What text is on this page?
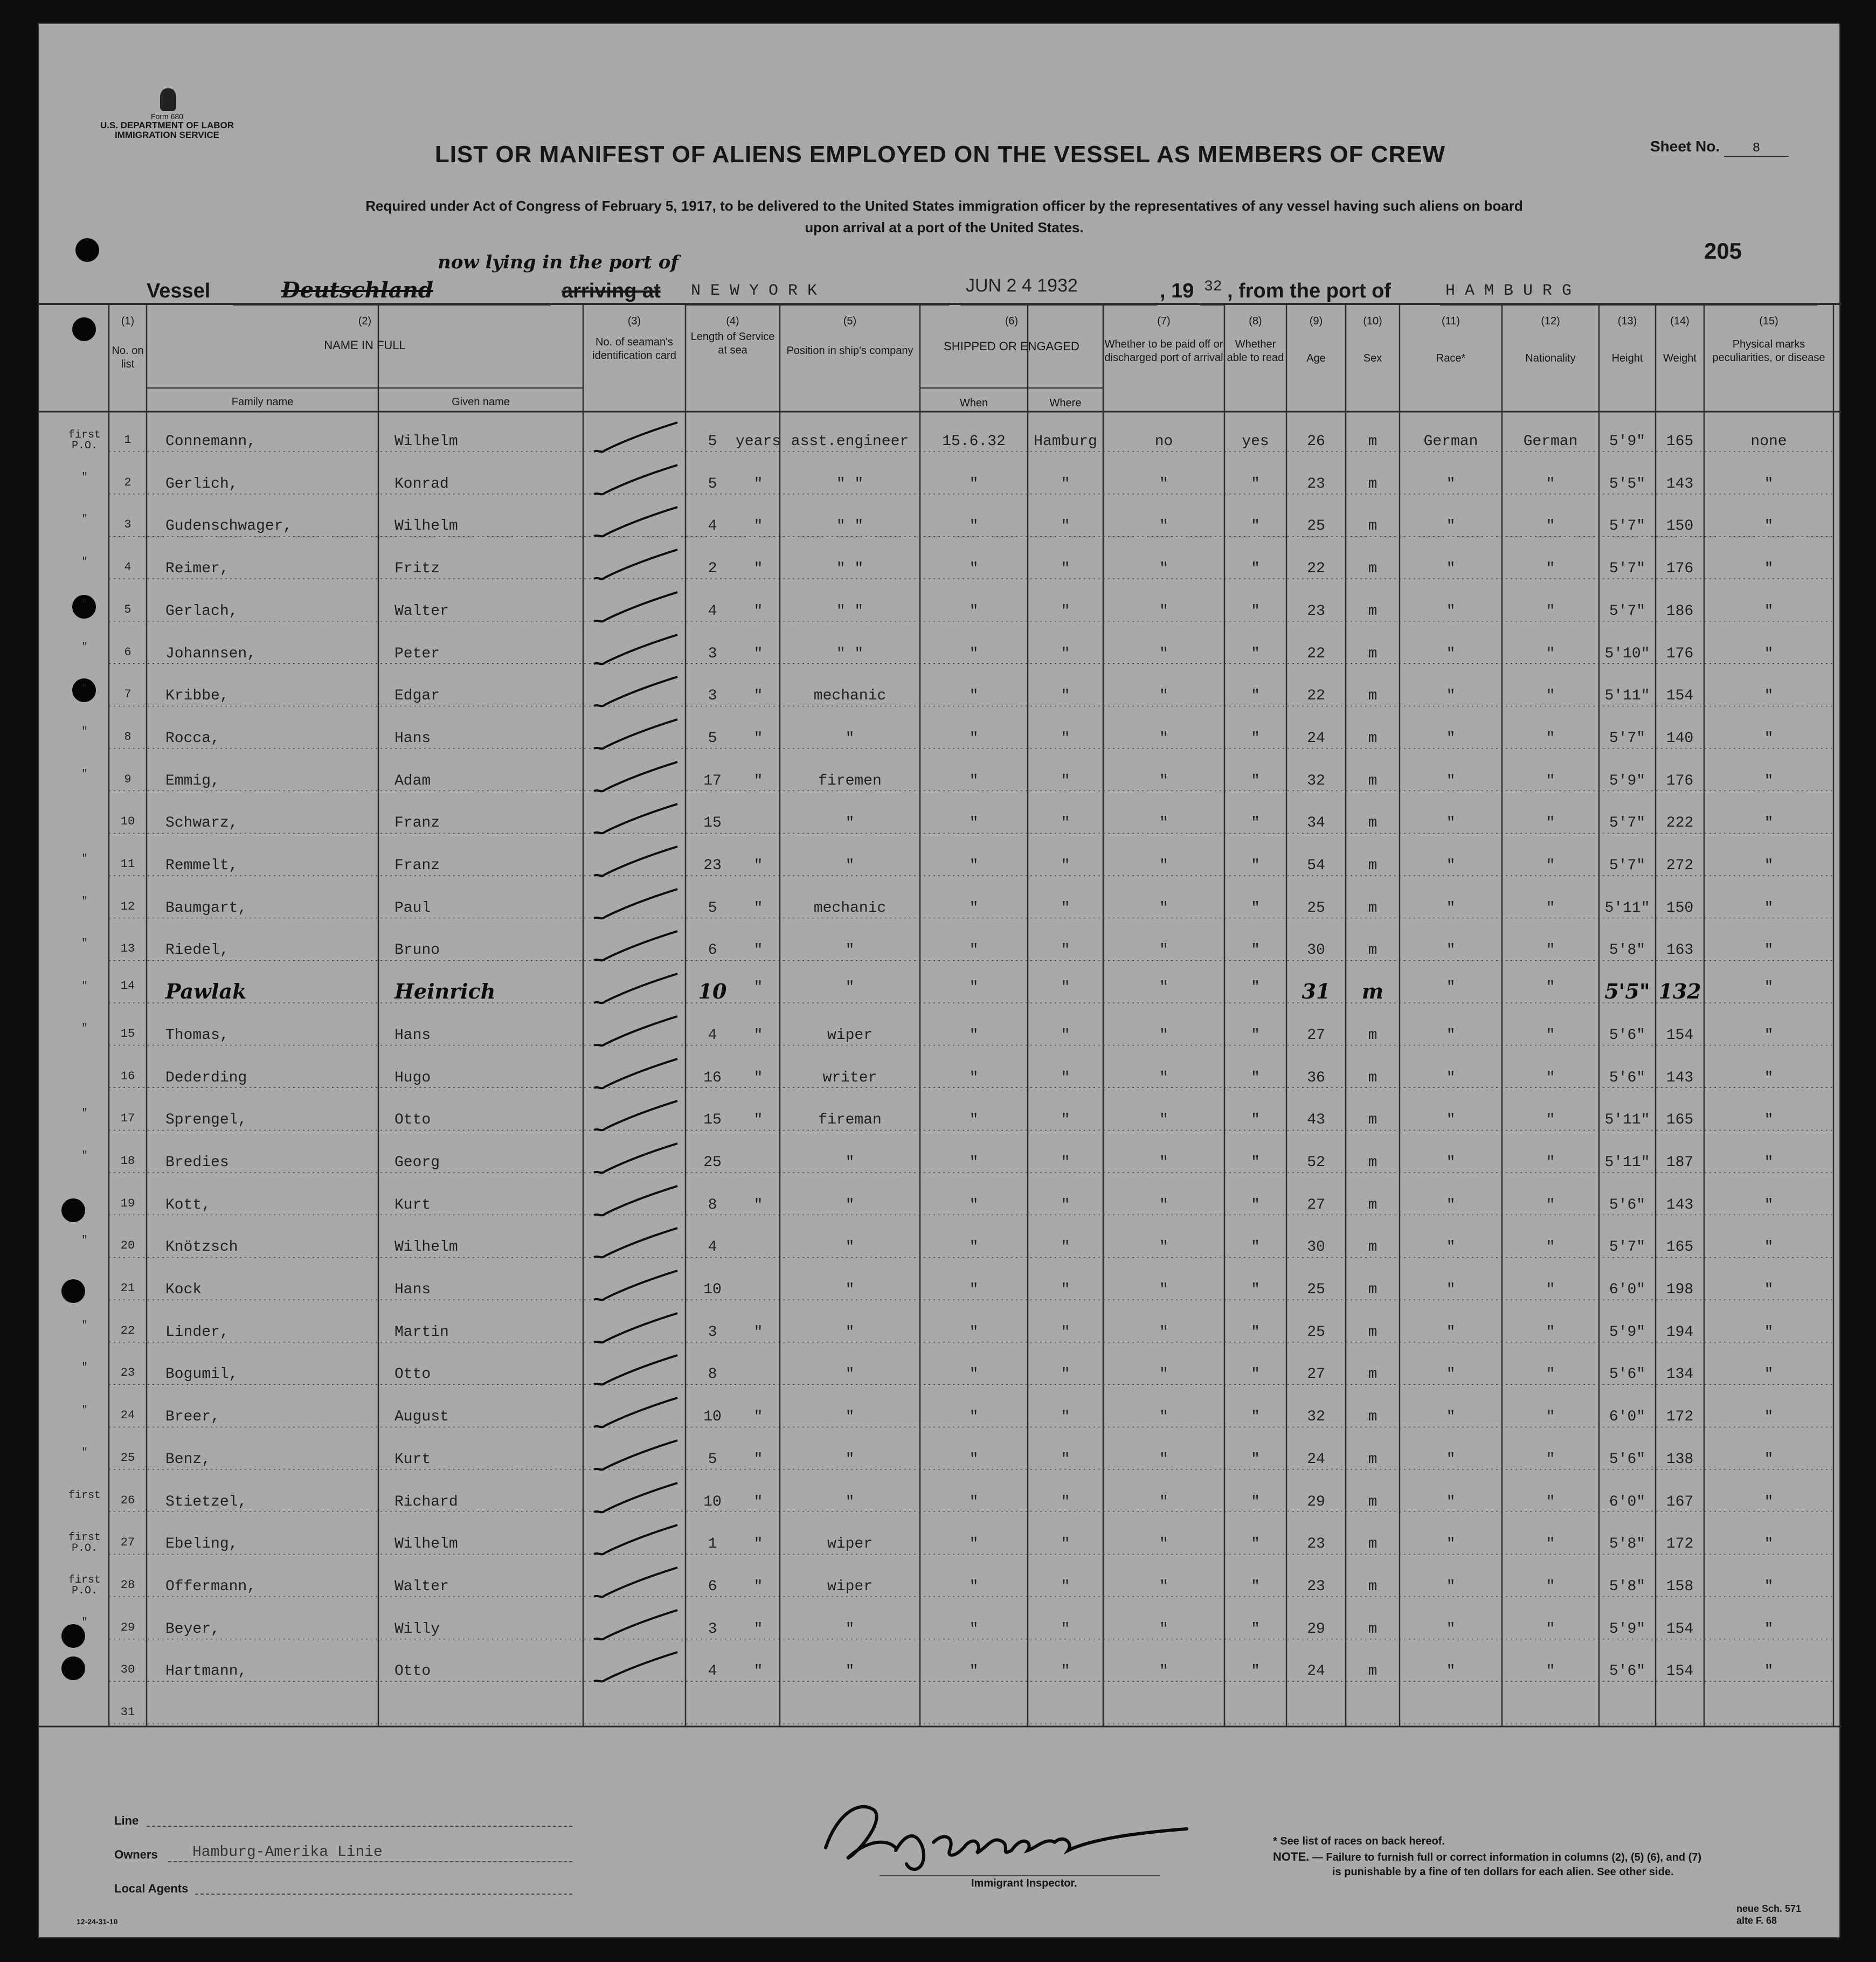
Form 680
U.S. DEPARTMENT OF LABOR
IMMIGRATION SERVICE
Sheet No.	8
LIST OR MANIFEST OF ALIENS EMPLOYED ON THE VESSEL AS MEMBERS OF CREW
Required under Act of Congress of February 5, 1917, to be delivered to the United States immigration officer by the representatives of any vessel having such aliens on board
upon arrival at a port of the United States.
205
Vessel	Deutschland
now lying in the port of
arriving at N E W Y O R K	JUN 2 4 1932	, 19 32 , from the port of	H A M B U R G
(1)
No. on list
(2)
NAME IN FULL
Family name	Given name
(3)
No. of seaman's identification card
(4)
Length of Service at sea
(5)
Position in ship's company
(6)
SHIPPED OR ENGAGED
When	Where
(7)
Whether to be paid off or discharged port of arrival
(8)
Whether able to read
(9)
Age
(10)
Sex
(11)
Race*
(12)
Nationality
(13)
Height
(14)
Weight
(15)
Physical marks peculiarities, or disease
first P.O.	1	Connemann,	Wilhelm	5	years asst.engineer	15.6.32	Hamburg	no	yes	26	m	German	German	5'9"	165	none
"	2	Gerlich,	Konrad	5	"	" "	"	"	"	"	23	m	"	"	5'5"	143	"
"	3	Gudenschwager,	Wilhelm	4	"	" "	"	"	"	"	25	m	"	"	5'7"	150	"
"	4	Reimer,	Fritz	2	"	" "	"	"	"	"	22	m	"	"	5'7"	176	"
"	5	Gerlach,	Walter	4	"	" "	"	"	"	"	23	m	"	"	5'7"	186	"
"	6	Johannsen,	Peter	3	"	" "	"	"	"	"	22	m	"	"	5'10"	176	"
"	7	Kribbe,	Edgar	3	"	mechanic	"	"	"	"	22	m	"	"	5'11"	154	"
"	8	Rocca,	Hans	5	"	"	"	"	"	"	24	m	"	"	5'7"	140	"
"	9	Emmig,	Adam	17	"	firemen	"	"	"	"	32	m	"	"	5'9"	176	"
10	Schwarz,	Franz	15	"	"	"	"	"	34	m	"	"	5'7"	222	"
"	11	Remmelt,	Franz	23	"	"	"	"	"	"	54	m	"	"	5'7"	272	"
"	12	Baumgart,	Paul	5	"	mechanic	"	"	"	"	25	m	"	"	5'11"	150	"
"	13	Riedel,	Bruno	6	"	"	"	"	"	"	30	m	"	"	5'8"	163	"
"	14	Pawlak	Heinrich	10	"	"	"	"	"	"	31	m	"	"	5'5" 132	"
"	15	Thomas,	Hans	4	"	wiper	"	"	"	"	27	m	"	"	5'6"	154	"
16	Dederding	Hugo	16	"	writer	"	"	"	"	36	m	"	"	5'6"	143	"
"	17	Sprengel,	Otto	15	"	fireman	"	"	"	"	43	m	"	"	5'11"	165	"
"	18	Bredies	Georg	25	"	"	"	"	"	52	m	"	"	5'11"	187	"
19	Kott,	Kurt	8	"	"	"	"	"	"	27	m	"	"	5'6"	143	"
"	20	Knötzsch	Wilhelm	4	"	"	"	"	"	30	m	"	"	5'7"	165	"
21	Kock	Hans	10	"	"	"	"	"	25	m	"	"	6'0"	198	"
"	22	Linder,	Martin	3	"	"	"	"	"	"	25	m	"	"	5'9"	194	"
"	23	Bogumil,	Otto	8	"	"	"	"	"	27	m	"	"	5'6"	134	"
"	24	Breer,	August	10	"	"	"	"	"	"	32	m	"	"	6'0"	172	"
"	25	Benz,	Kurt	5	"	"	"	"	"	"	24	m	"	"	5'6"	138	"
first	26	Stietzel,	Richard	10	"	"	"	"	"	"	29	m	"	"	6'0"	167	"
first P.O.	27	Ebeling,	Wilhelm	1	"	wiper	"	"	"	"	23	m	"	"	5'8"	172	"
first P.O.	28	Offermann,	Walter	6	"	wiper	"	"	"	"	23	m	"	"	5'8"	158	"
"	29	Beyer,	Willy	3	"	"	"	"	"	"	29	m	"	"	5'9"	154	"
30	Hartmann,	Otto	4	"	"	"	"	"	"	24	m	"	"	5'6"	154	"
31
Line
Owners Hamburg-Amerika Linie
Local Agents	Immigrant Inspector.
* See list of races on back hereof.
NOTE. — Failure to furnish full or correct information in columns (2), (5) (6), and (7)
is punishable by a fine of ten dollars for each alien. See other side.
12-24-31-10
neue Sch. 571
alte F. 68
